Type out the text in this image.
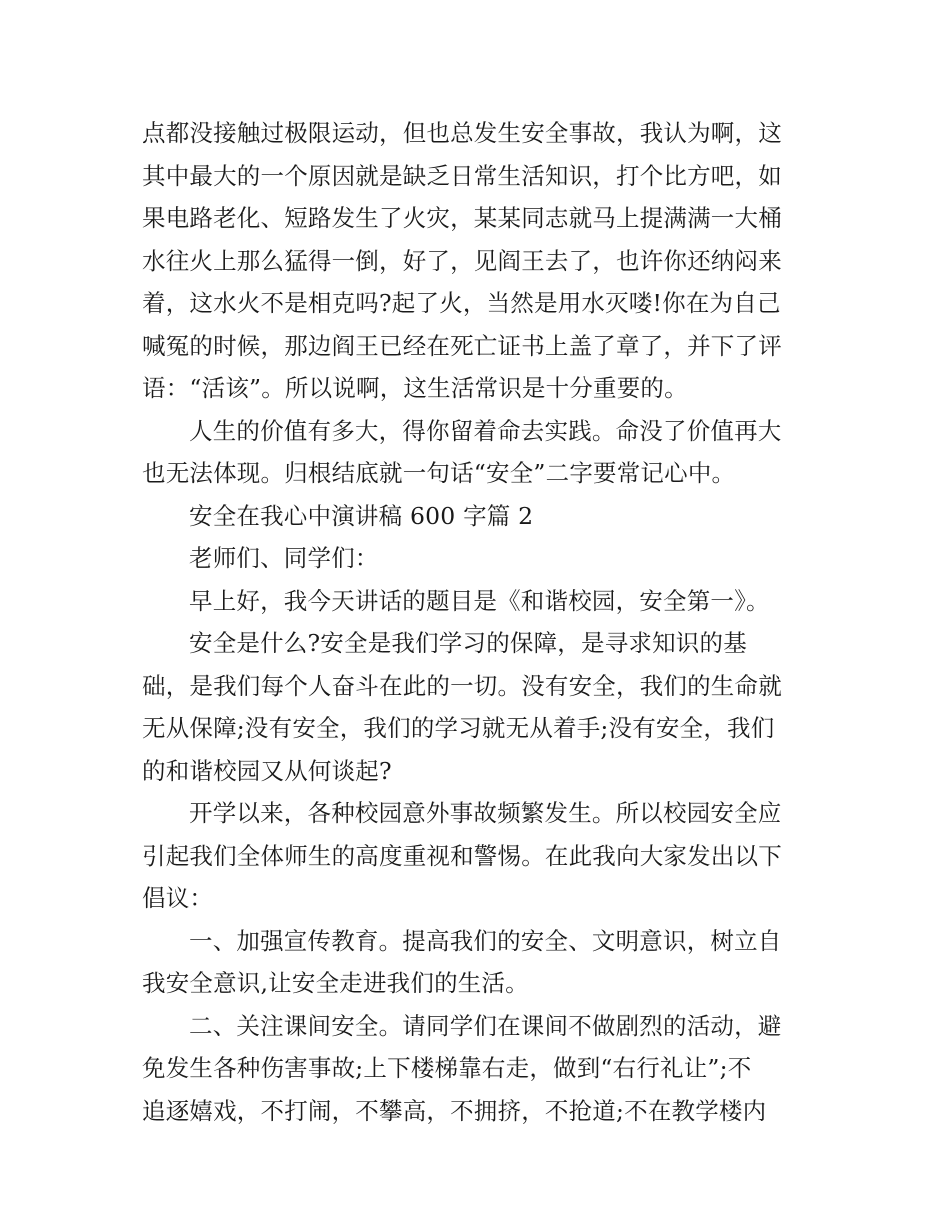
点都没接触过极限运动，但也总发生安全事故，我认为啊，这
其中最大的一个原因就是缺乏日常生活知识，打个比方吧，如
果电路老化、短路发生了火灾，某某同志就马上提满满一大桶
水往火上那么猛得一倒，好了，见阎王去了，也许你还纳闷来
着，这水火不是相克吗?起了火，当然是用水灭喽!你在为自己
喊冤的时候，那边阎王已经在死亡证书上盖了章了，并下了评
语：“活该”。所以说啊，这生活常识是十分重要的。

人生的价值有多大，得你留着命去实践。命没了价值再大
也无法体现。归根结底就一句话“安全”二字要常记心中。

安全在我心中演讲稿 600 字篇 2

老师们、同学们：

早上好，我今天讲话的题目是《和谐校园，安全第一》。

安全是什么?安全是我们学习的保障，是寻求知识的基
础，是我们每个人奋斗在此的一切。没有安全，我们的生命就
无从保障;没有安全，我们的学习就无从着手;没有安全，我们
的和谐校园又从何谈起?

开学以来，各种校园意外事故频繁发生。所以校园安全应
引起我们全体师生的高度重视和警惕。在此我向大家发出以下
倡议：

一、加强宣传教育。提高我们的安全、文明意识，树立自
我安全意识,让安全走进我们的生活。

二、关注课间安全。请同学们在课间不做剧烈的活动，避
免发生各种伤害事故;上下楼梯靠右走，做到“右行礼让”;不
追逐嬉戏，不打闹，不攀高，不拥挤，不抢道;不在教学楼内
